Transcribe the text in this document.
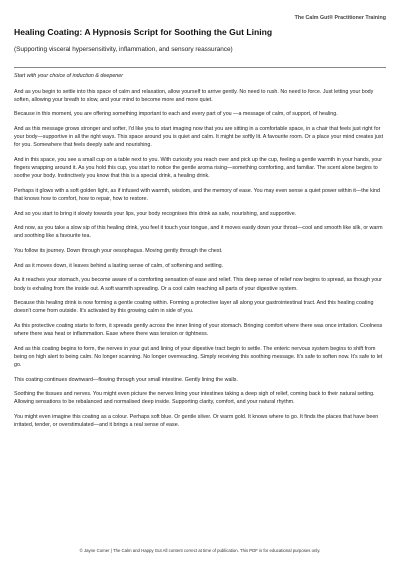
The Calm Gut® Practitioner Training
Healing Coating: A Hypnosis Script for Soothing the Gut Lining
(Supporting visceral hypersensitivity, inflammation, and sensory reassurance)

Start with your choice of induction & deepener

And as you begin to settle into this space of calm and relaxation, allow yourself to arrive gently. No need to rush. No need to force. Just letting your body soften, allowing your breath to slow, and your mind to become more and more quiet.

Because in this moment, you are offering something important to each and every part of you —a message of calm, of support, of healing.

And as this message grows stronger and softer, I'd like you to start imaging now that you are sitting in a comfortable space, in a chair that feels just right for your body—supportive in all the right ways. This space around you is quiet and calm. It might be softly lit. A favourite room. Or a place your mind creates just for you. Somewhere that feels deeply safe and nourishing.

And in this space, you see a small cup on a table next to you. With curiosity you reach over and pick up the cup, feeling a gentle warmth in your hands, your fingers wrapping around it. As you hold this cup, you start to notice the gentle aroma rising—something comforting, and familiar. The scent alone begins to soothe your body. Instinctively you know that this is a special drink, a healing drink.

Perhaps it glows with a soft golden light, as if infused with warmth, wisdom, and the memory of ease. You may even sense a quiet power within it—the kind that knows how to comfort, how to repair, how to restore.

And so you start to bring it slowly towards your lips, your body recognises this drink as safe, nourishing, and supportive.

And now, as you take a slow sip of this healing drink, you feel it touch your tongue, and it moves easily down your throat—cool and smooth like silk, or warm and soothing like a favourite tea.

You follow its journey. Down through your oesophagus. Moving gently through the chest.

And as it moves down, it leaves behind a lasting sense of calm, of softening and settling.

As it reaches your stomach, you become aware of a comforting sensation of ease and relief. This deep sense of relief now begins to spread, as though your body is exhaling from the inside out. A soft warmth spreading. Or a cool calm reaching all parts of your digestive system.

Because this healing drink is now forming a gentle coating within. Forming a protective layer all along your gastrointestinal tract. And this healing coating doesn't come from outside. It's activated by this growing calm in side of you.

As this protective coating starts to form, it spreads gently across the inner lining of your stomach. Bringing comfort where there was once irritation. Coolness where there was heat or inflammation. Ease where there was tension or tightness.

And as this coating begins to form, the nerves in your gut and lining of your digestive tract begin to settle. The enteric nervous system begins to shift from being on high alert to being calm. No longer scanning. No longer overreacting. Simply receiving this soothing message. It's safe to soften now. It's safe to let go.

This coating continues downward—flowing through your small intestine. Gently lining the walls.

Soothing the tissues and nerves. You might even picture the nerves lining your intestines taking a deep sigh of relief, coming back to their natural setting. Allowing sensations to be rebalanced and normalised deep inside. Supporting clarity, comfort, and your natural rhythm.

You might even imagine this coating as a colour. Perhaps soft blue. Or gentle silver. Or warm gold. It knows where to go. It finds the places that have been irritated, tender, or overstimulated—and it brings a real sense of ease.

© Jayne Comer | The Calm and Happy Gut All content correct at time of publication. This PDF is for educational purposes only.
